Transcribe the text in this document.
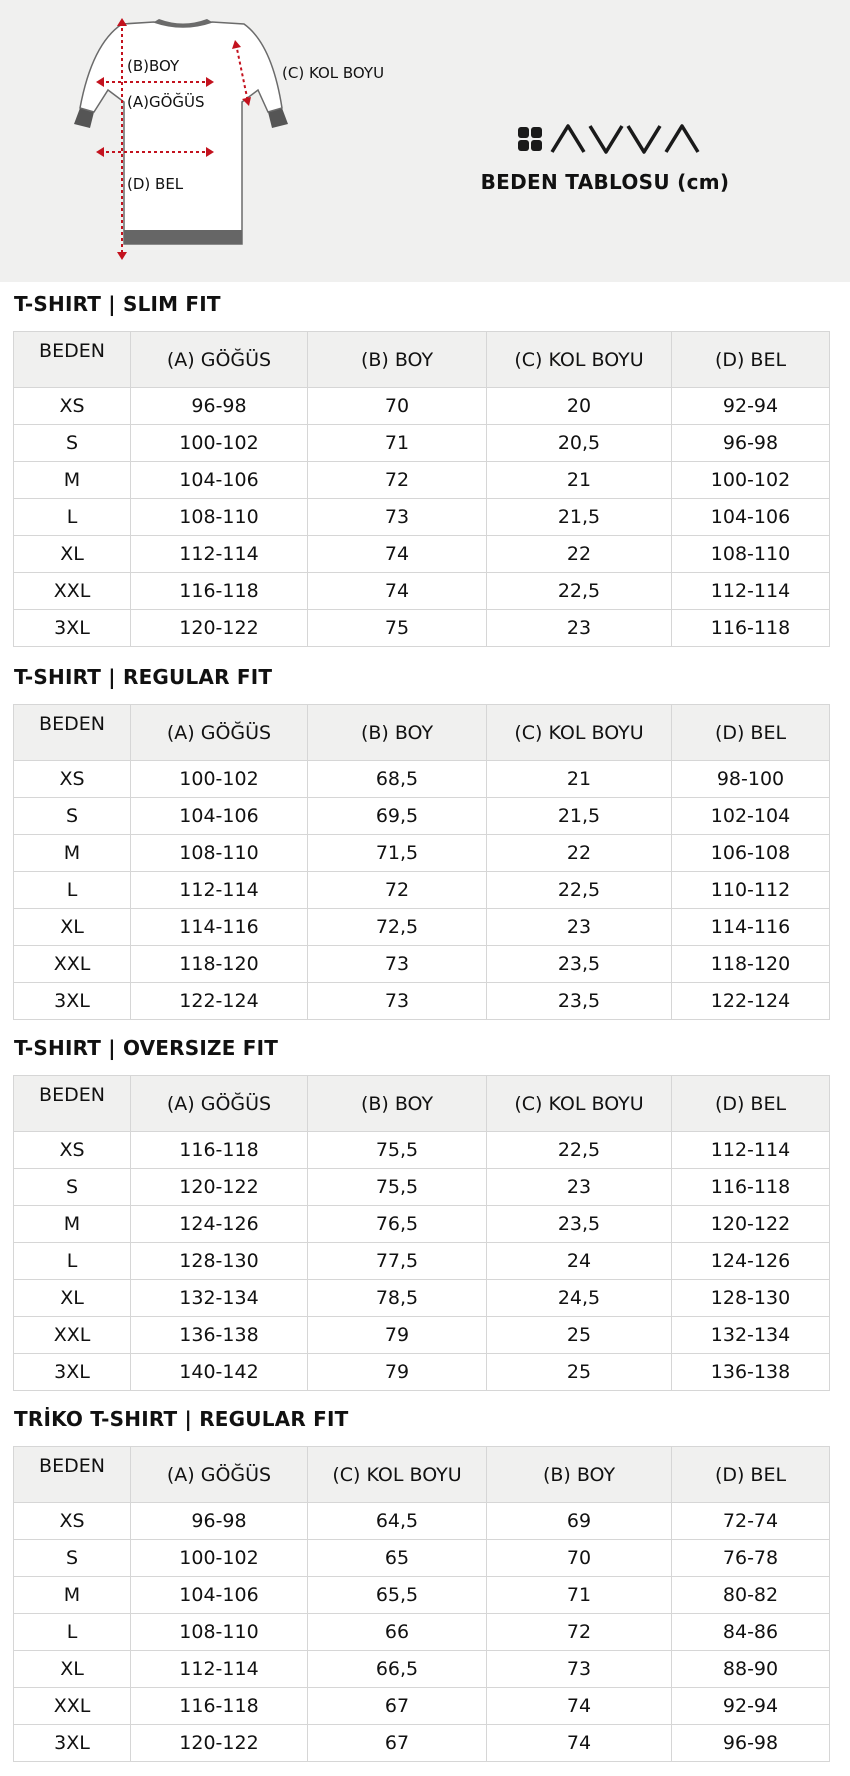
(B)BOY
(A)GÖĞÜS
(D) BEL
(C) KOL BOYU
BEDEN TABLOSU (cm)
T-SHIRT | SLIM FIT
BEDEN	(A) GÖĞÜS	(B) BOY	(C) KOL BOYU	(D) BEL
XS	96-98	70	20	92-94
S	100-102	71	20,5	96-98
M	104-106	72	21	100-102
L	108-110	73	21,5	104-106
XL	112-114	74	22	108-110
XXL	116-118	74	22,5	112-114
3XL	120-122	75	23	116-118
T-SHIRT | REGULAR FIT
BEDEN	(A) GÖĞÜS	(B) BOY	(C) KOL BOYU	(D) BEL
XS	100-102	68,5	21	98-100
S	104-106	69,5	21,5	102-104
M	108-110	71,5	22	106-108
L	112-114	72	22,5	110-112
XL	114-116	72,5	23	114-116
XXL	118-120	73	23,5	118-120
3XL	122-124	73	23,5	122-124
T-SHIRT | OVERSIZE FIT
BEDEN	(A) GÖĞÜS	(B) BOY	(C) KOL BOYU	(D) BEL
XS	116-118	75,5	22,5	112-114
S	120-122	75,5	23	116-118
M	124-126	76,5	23,5	120-122
L	128-130	77,5	24	124-126
XL	132-134	78,5	24,5	128-130
XXL	136-138	79	25	132-134
3XL	140-142	79	25	136-138
TRİKO T-SHIRT | REGULAR FIT
BEDEN	(A) GÖĞÜS	(C) KOL BOYU	(B) BOY	(D) BEL
XS	96-98	64,5	69	72-74
S	100-102	65	70	76-78
M	104-106	65,5	71	80-82
L	108-110	66	72	84-86
XL	112-114	66,5	73	88-90
XXL	116-118	67	74	92-94
3XL	120-122	67	74	96-98
